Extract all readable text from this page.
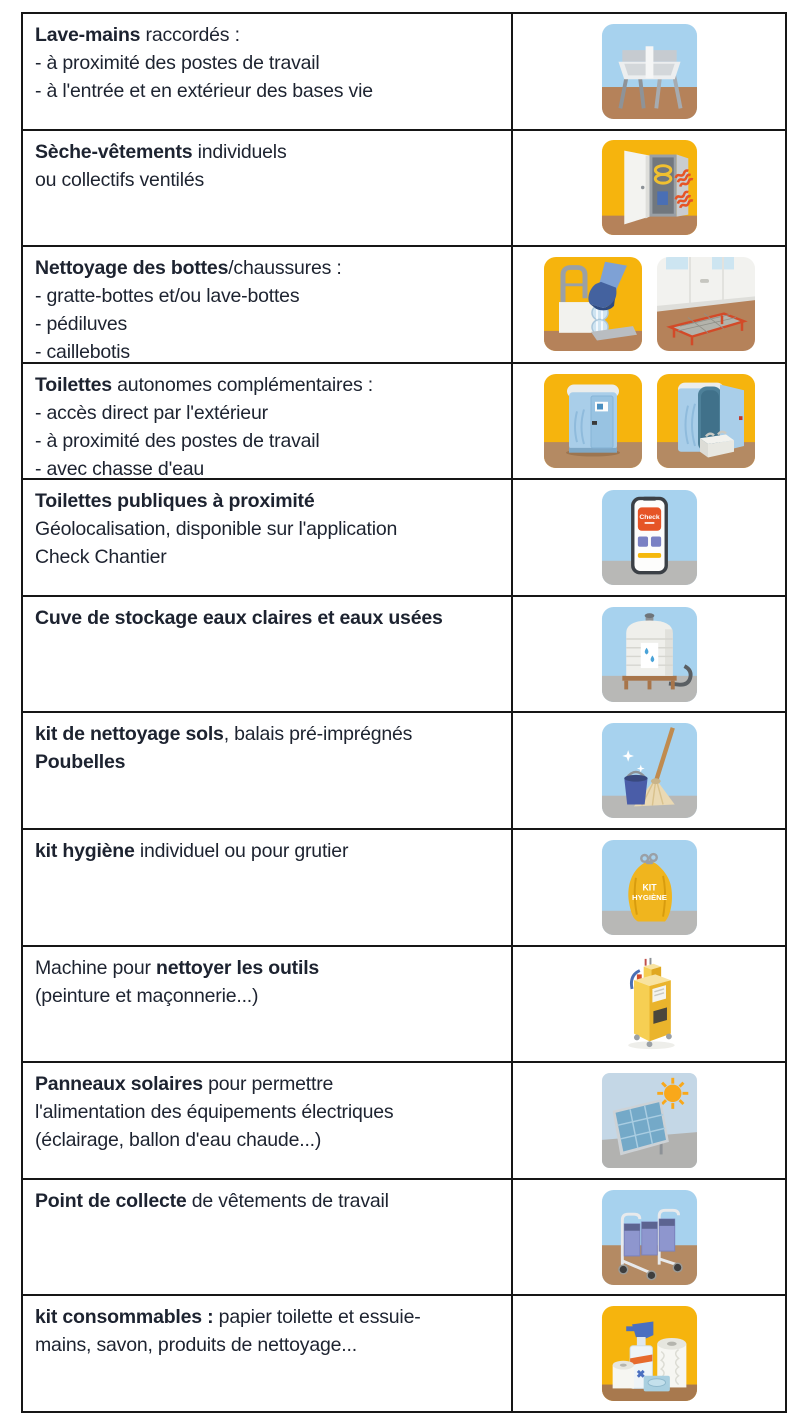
Lave-mains raccordés :
- à proximité des postes de travail
- à l'entrée et en extérieur des bases vie
Sèche-vêtements individuels
ou collectifs ventilés
Nettoyage des bottes/chaussures :
- gratte-bottes et/ou lave-bottes
- pédiluves
- caillebotis
Toilettes autonomes complémentaires :
- accès direct par l'extérieur
- à proximité des postes de travail
- avec chasse d'eau
Toilettes publiques à proximité
Géolocalisation, disponible sur l'application
Check Chantier
Check
Cuve de stockage eaux claires et eaux usées
kit de nettoyage sols, balais pré-imprégnés
Poubelles
kit hygiène individuel ou pour grutier
KIT
HYGIÈNE
Machine pour nettoyer les outils
(peinture et maçonnerie...)
Panneaux solaires pour permettre
l'alimentation des équipements électriques
(éclairage, ballon d'eau chaude...)
Point de collecte de vêtements de travail
kit consommables : papier toilette et essuie-
mains, savon, produits de nettoyage...
